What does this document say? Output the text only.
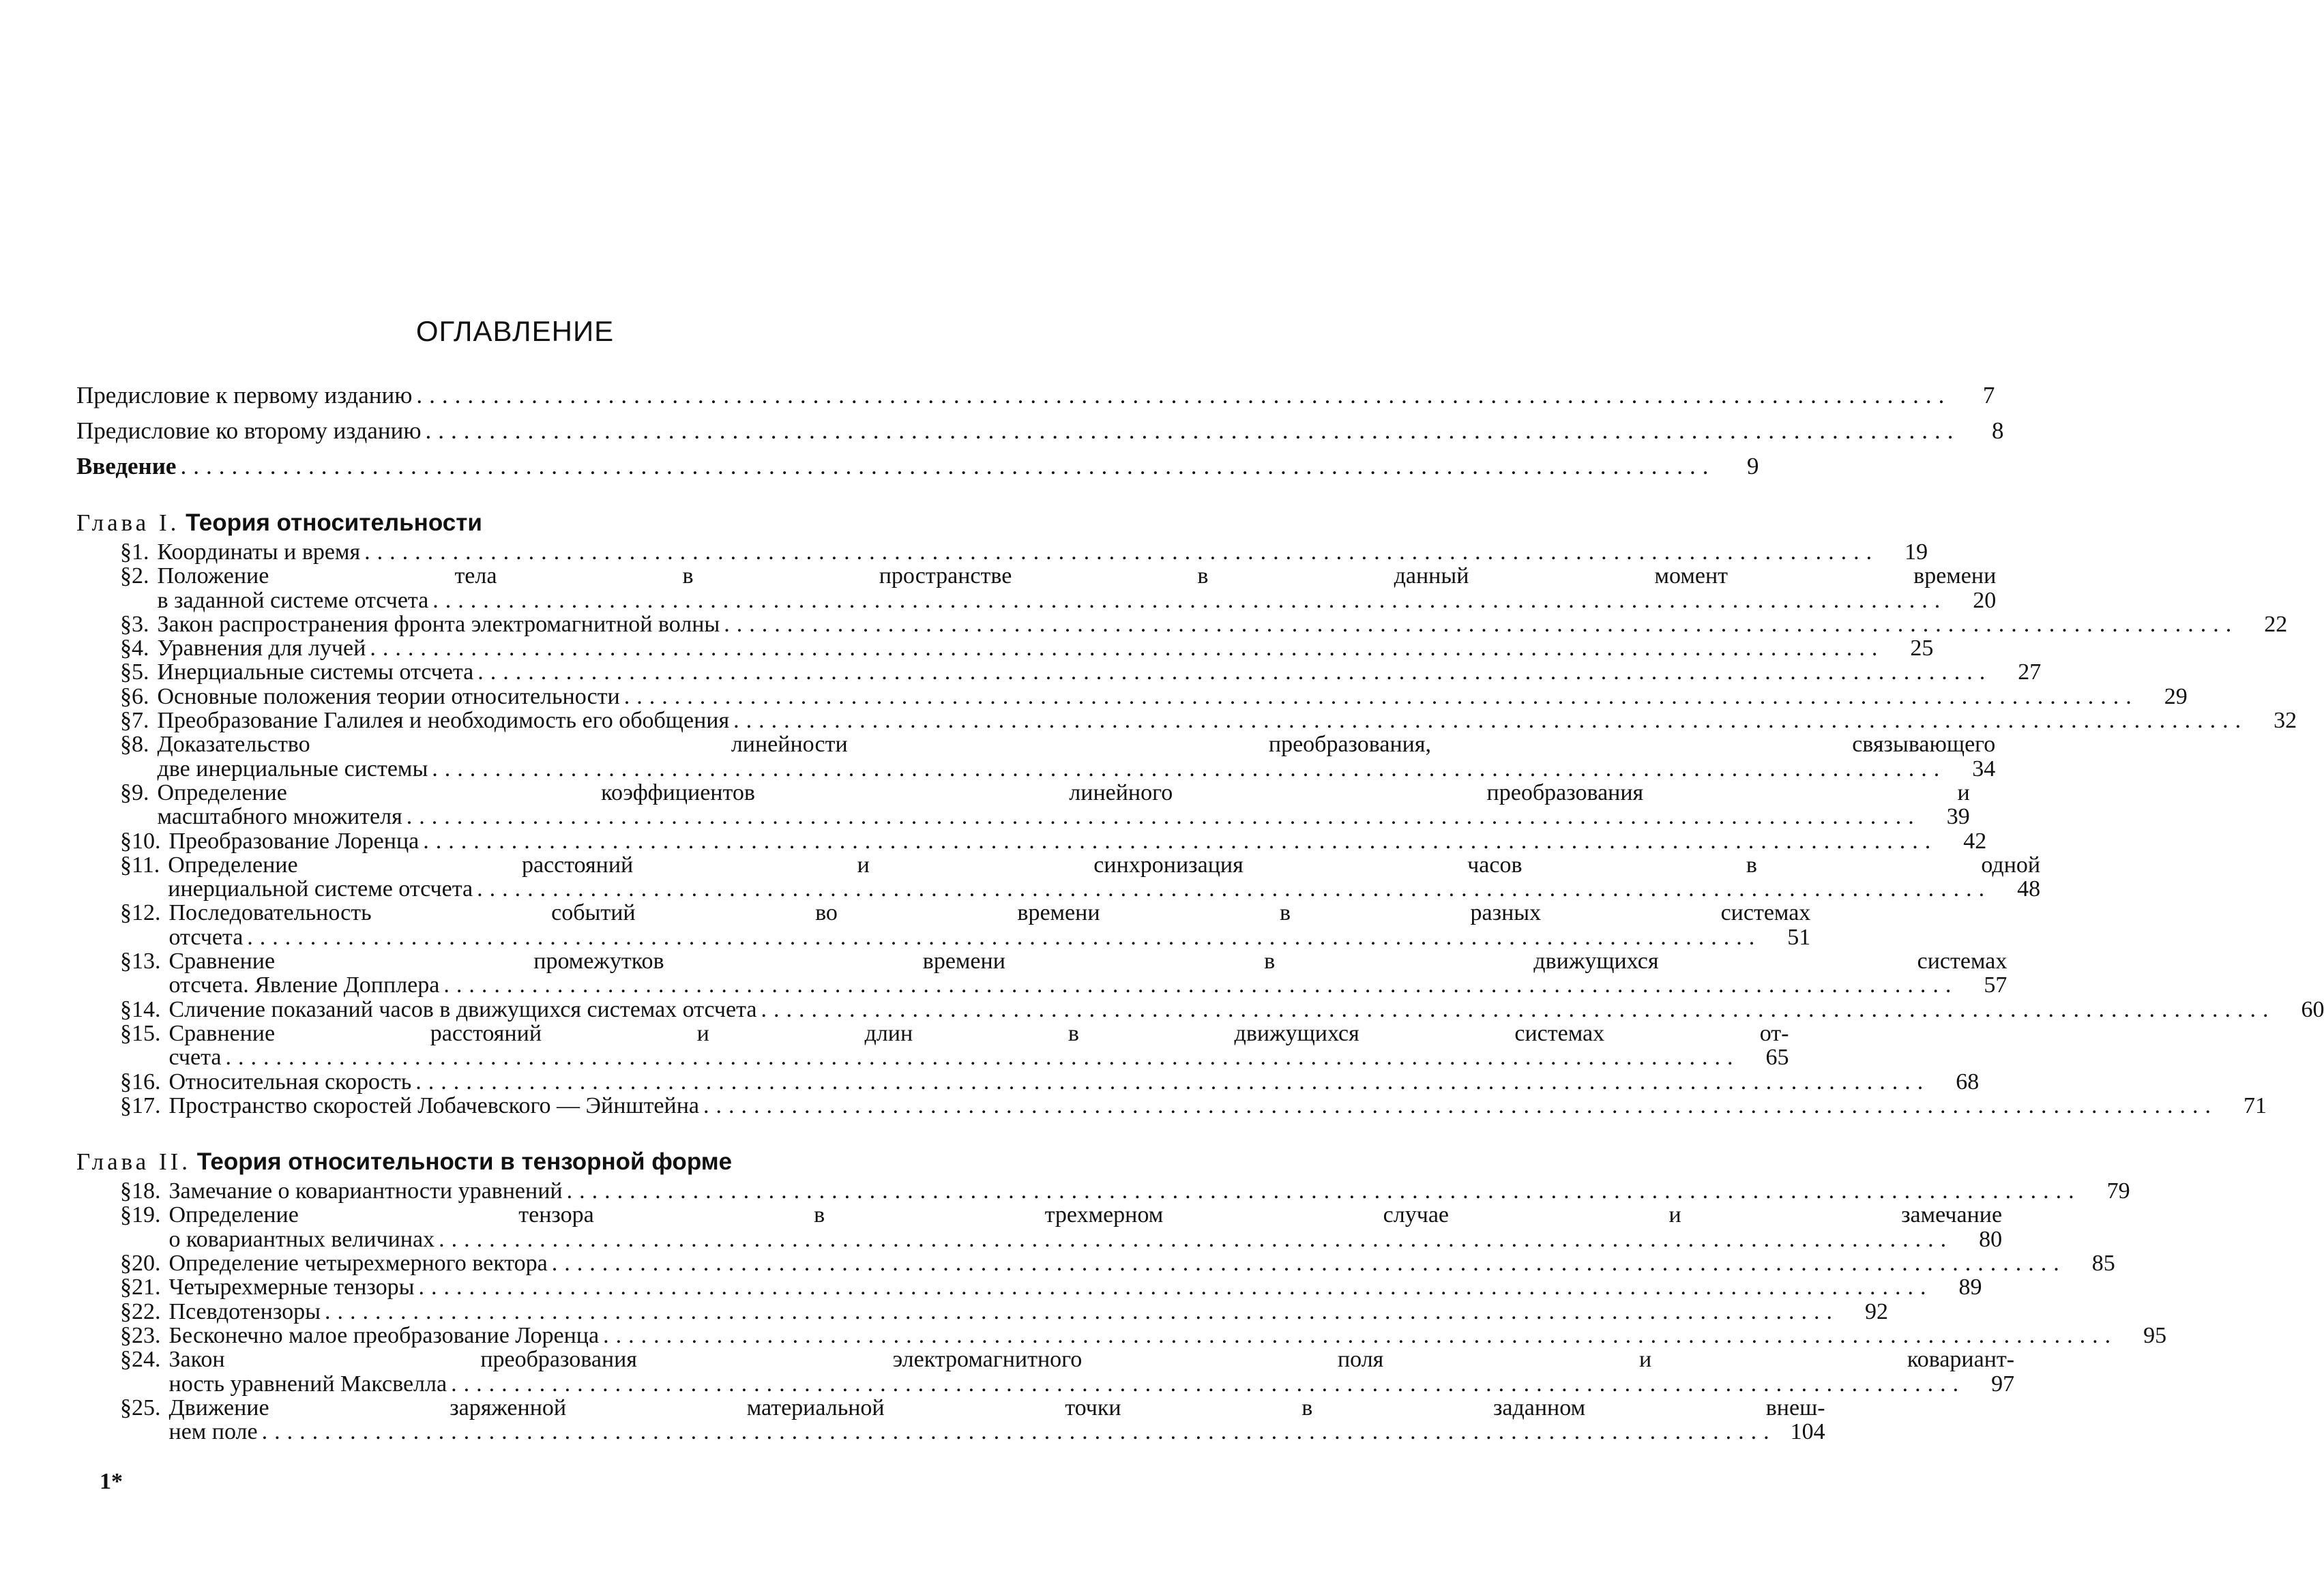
ОГЛАВЛЕНИЕ
Предисловие к первому изданию ........................................................................................................................	7
Предисловие ко второму изданию ........................................................................................................................	8
Введение ........................................................................................................................	9
Глава I. Теория относительности
§ 1. Координаты и время ........................................................................................................................	19
§ 2. Положение тела в пространстве в данный момент времени
в заданной системе отсчета ........................................................................................................................	20
§ 3. Закон распространения фронта электромагнитной волны ........................................................................................................................	22
§ 4. Уравнения для лучей ........................................................................................................................	25
§ 5. Инерциальные системы отсчета ........................................................................................................................	27
§ 6. Основные положения теории относительности ........................................................................................................................	29
§ 7. Преобразование Галилея и необходимость его обобщения ........................................................................................................................	32
§ 8. Доказательство линейности преобразования, связывающего
две инерциальные системы ........................................................................................................................	34
§ 9. Определение коэффициентов линейного преобразования и
масштабного множителя ........................................................................................................................	39
§ 10. Преобразование Лоренца ........................................................................................................................	42
§ 11. Определение расстояний и синхронизация часов в одной
инерциальной системе отсчета ........................................................................................................................	48
§ 12. Последовательность событий во времени в разных системах
отсчета ........................................................................................................................	51
§ 13. Сравнение промежутков времени в движущихся системах
отсчета. Явление Допплера ........................................................................................................................	57
§ 14. Сличение показаний часов в движущихся системах отсчета ........................................................................................................................	60
§ 15. Сравнение расстояний и длин в движущихся системах от-
счета ........................................................................................................................	65
§ 16. Относительная скорость ........................................................................................................................	68
§ 17. Пространство скоростей Лобачевского — Эйнштейна ........................................................................................................................	71
Глава II. Теория относительности в тензорной форме
§ 18. Замечание о ковариантности уравнений ........................................................................................................................	79
§ 19. Определение тензора в трехмерном случае и замечание
о ковариантных величинах ........................................................................................................................	80
§ 20. Определение четырехмерного вектора ........................................................................................................................	85
§ 21. Четырехмерные тензоры ........................................................................................................................	89
§ 22. Псевдотензоры ........................................................................................................................	92
§ 23. Бесконечно малое преобразование Лоренца ........................................................................................................................	95
§ 24. Закон преобразования электромагнитного поля и ковариант-
ность уравнений Максвелла ........................................................................................................................	97
§ 25. Движение заряженной материальной точки в заданном внеш-
нем поле ........................................................................................................................ 104
1*
